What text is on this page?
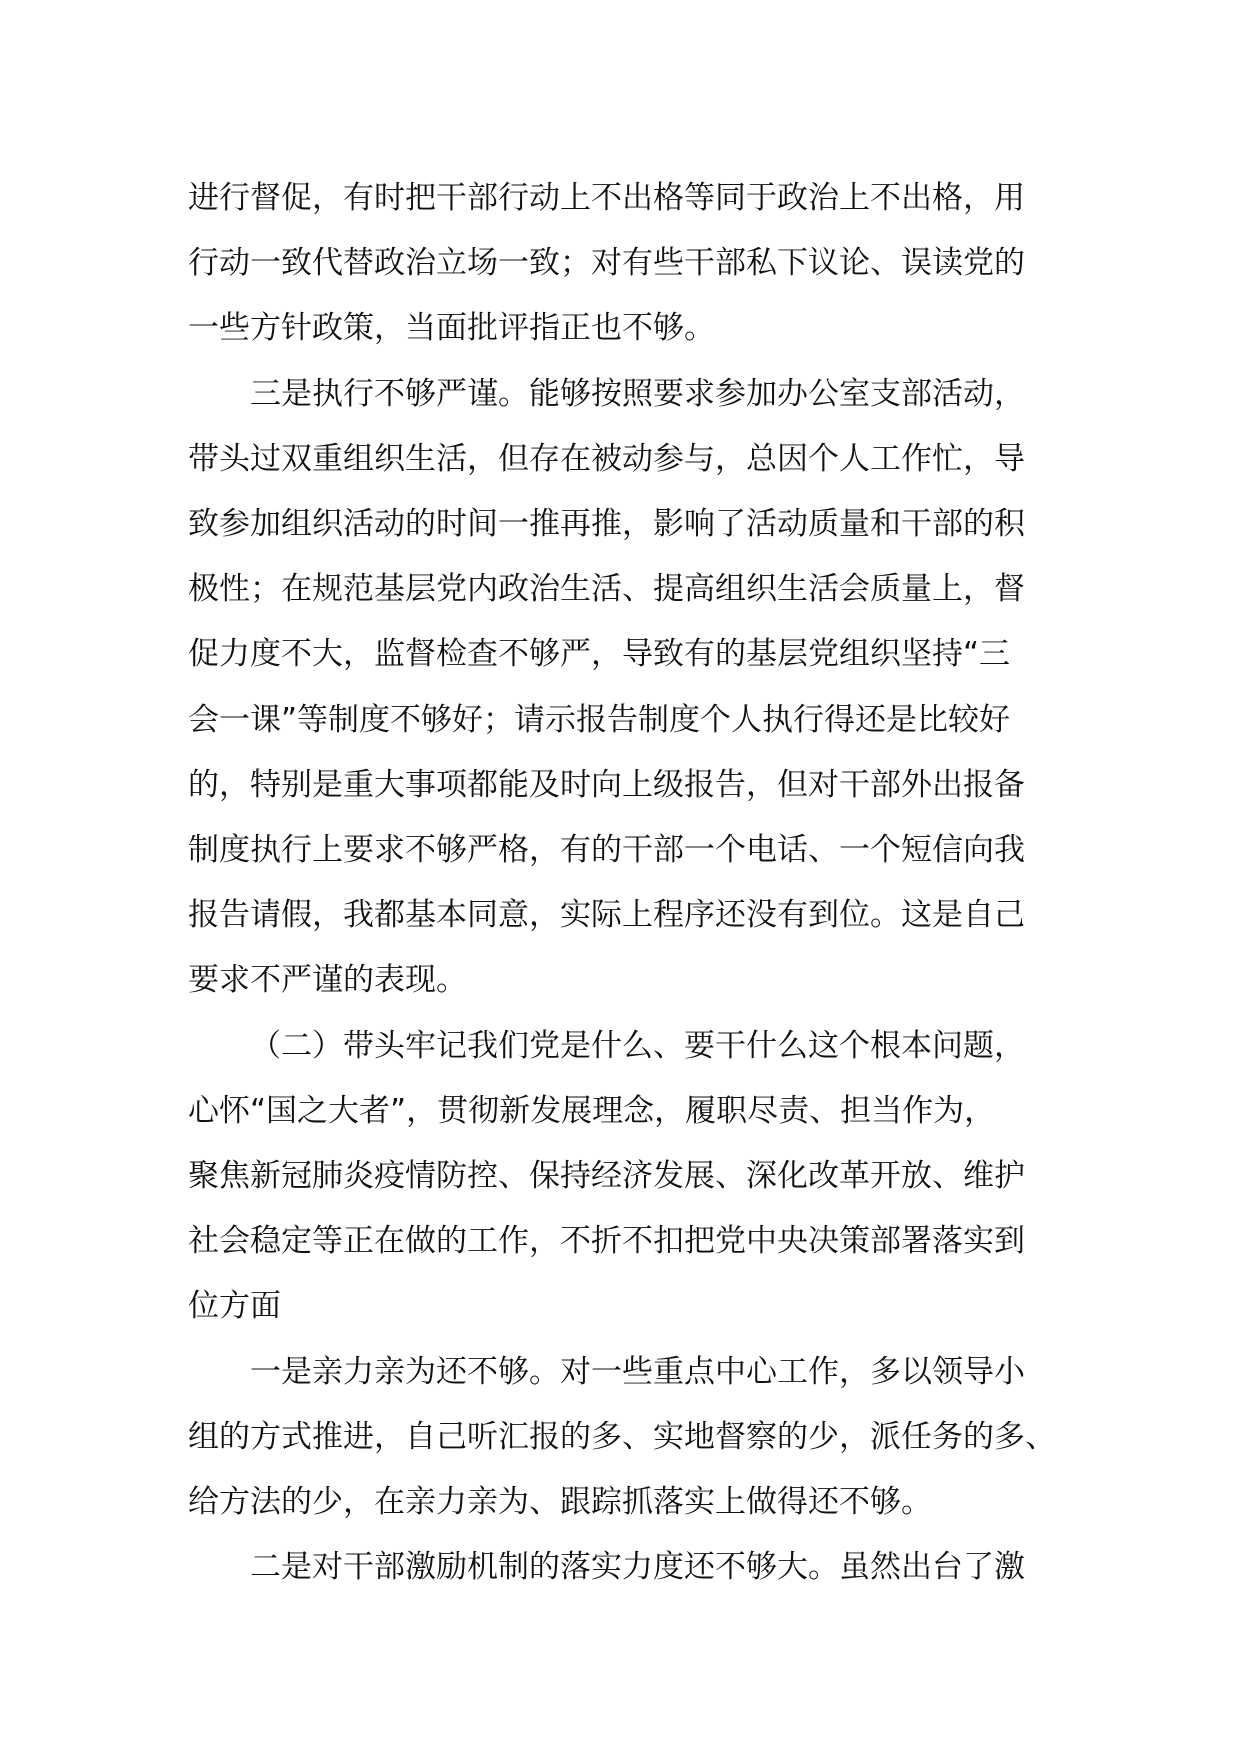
进行督促，有时把干部行动上不出格等同于政治上不出格，用
行动一致代替政治立场一致；对有些干部私下议论、误读党的
一些方针政策，当面批评指正也不够。

三是执行不够严谨。能够按照要求参加办公室支部活动，
带头过双重组织生活，但存在被动参与，总因个人工作忙，导
致参加组织活动的时间一推再推，影响了活动质量和干部的积
极性；在规范基层党内政治生活、提高组织生活会质量上，督
促力度不大，监督检查不够严，导致有的基层党组织坚持“三
会一课”等制度不够好；请示报告制度个人执行得还是比较好
的，特别是重大事项都能及时向上级报告，但对干部外出报备
制度执行上要求不够严格，有的干部一个电话、一个短信向我
报告请假，我都基本同意，实际上程序还没有到位。这是自己
要求不严谨的表现。

（二）带头牢记我们党是什么、要干什么这个根本问题，
心怀“国之大者”，贯彻新发展理念，履职尽责、担当作为，
聚焦新冠肺炎疫情防控、保持经济发展、深化改革开放、维护
社会稳定等正在做的工作，不折不扣把党中央决策部署落实到
位方面

一是亲力亲为还不够。对一些重点中心工作，多以领导小
组的方式推进，自己听汇报的多、实地督察的少，派任务的多、
给方法的少，在亲力亲为、跟踪抓落实上做得还不够。

二是对干部激励机制的落实力度还不够大。虽然出台了激
